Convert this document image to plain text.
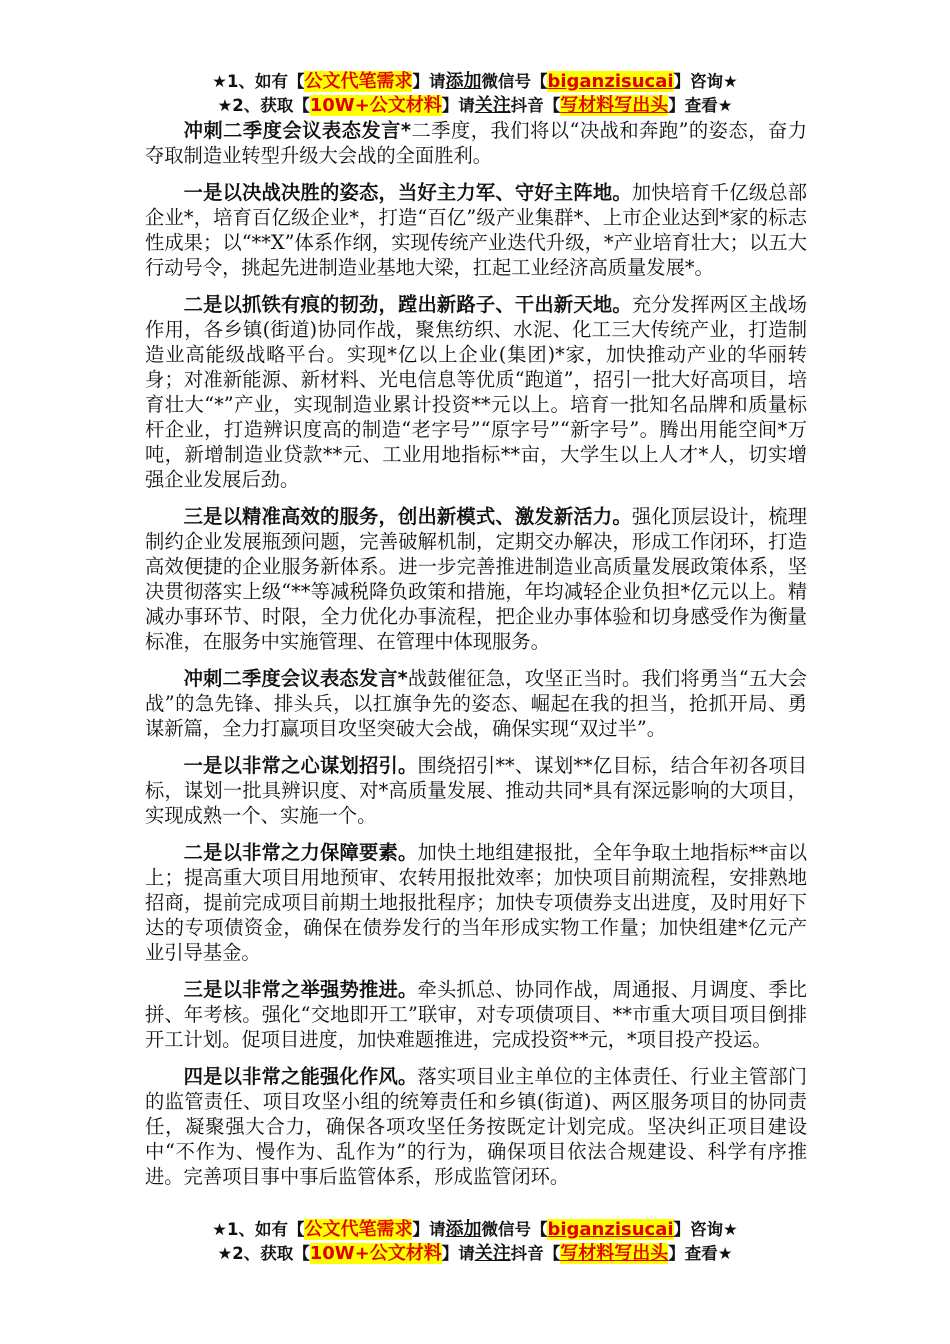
★1、如有【公文代笔需求】请添加微信号【biganzisucai】咨询★
★2、获取【10W+公文材料】请关注抖音【写材料写出头】查看★

冲刺二季度会议表态发言*二季度，我们将以“决战和奔跑”的姿态，奋力夺取制造业转型升级大会战的全面胜利。

一是以决战决胜的姿态，当好主力军、守好主阵地。加快培育千亿级总部企业*，培育百亿级企业*，打造“百亿”级产业集群*、上市企业达到*家的标志性成果；以“**X”体系作纲，实现传统产业迭代升级，*产业培育壮大；以五大行动号令，挑起先进制造业基地大梁，扛起工业经济高质量发展*。

二是以抓铁有痕的韧劲，蹚出新路子、干出新天地。充分发挥两区主战场作用，各乡镇(街道)协同作战，聚焦纺织、水泥、化工三大传统产业，打造制造业高能级战略平台。实现*亿以上企业(集团)*家，加快推动产业的华丽转身；对准新能源、新材料、光电信息等优质“跑道”，招引一批大好高项目，培育壮大“*”产业，实现制造业累计投资**元以上。培育一批知名品牌和质量标杆企业，打造辨识度高的制造“老字号”“原字号”“新字号”。腾出用能空间*万吨，新增制造业贷款**元、工业用地指标**亩，大学生以上人才*人，切实增强企业发展后劲。

三是以精准高效的服务，创出新模式、激发新活力。强化顶层设计，梳理制约企业发展瓶颈问题，完善破解机制，定期交办解决，形成工作闭环，打造高效便捷的企业服务新体系。进一步完善推进制造业高质量发展政策体系，坚决贯彻落实上级“**等减税降负政策和措施，年均减轻企业负担*亿元以上。精减办事环节、时限，全力优化办事流程，把企业办事体验和切身感受作为衡量标准，在服务中实施管理、在管理中体现服务。

冲刺二季度会议表态发言*战鼓催征急，攻坚正当时。我们将勇当“五大会战”的急先锋、排头兵，以扛旗争先的姿态、崛起在我的担当，抢抓开局、勇谋新篇，全力打赢项目攻坚突破大会战，确保实现“双过半”。

一是以非常之心谋划招引。围绕招引**、谋划**亿目标，结合年初各项目标，谋划一批具辨识度、对*高质量发展、推动共同*具有深远影响的大项目，实现成熟一个、实施一个。

二是以非常之力保障要素。加快土地组建报批，全年争取土地指标**亩以上；提高重大项目用地预审、农转用报批效率；加快项目前期流程，安排熟地招商，提前完成项目前期土地报批程序；加快专项债券支出进度，及时用好下达的专项债资金，确保在债券发行的当年形成实物工作量；加快组建*亿元产业引导基金。

三是以非常之举强势推进。牵头抓总、协同作战，周通报、月调度、季比拼、年考核。强化“交地即开工”联审，对专项债项目、**市重大项目项目倒排开工计划。促项目进度，加快难题推进，完成投资**元，*项目投产投运。

四是以非常之能强化作风。落实项目业主单位的主体责任、行业主管部门的监管责任、项目攻坚小组的统筹责任和乡镇(街道)、两区服务项目的协同责任，凝聚强大合力，确保各项攻坚任务按既定计划完成。坚决纠正项目建设中“不作为、慢作为、乱作为”的行为，确保项目依法合规建设、科学有序推进。完善项目事中事后监管体系，形成监管闭环。

★1、如有【公文代笔需求】请添加微信号【biganzisucai】咨询★
★2、获取【10W+公文材料】请关注抖音【写材料写出头】查看★
